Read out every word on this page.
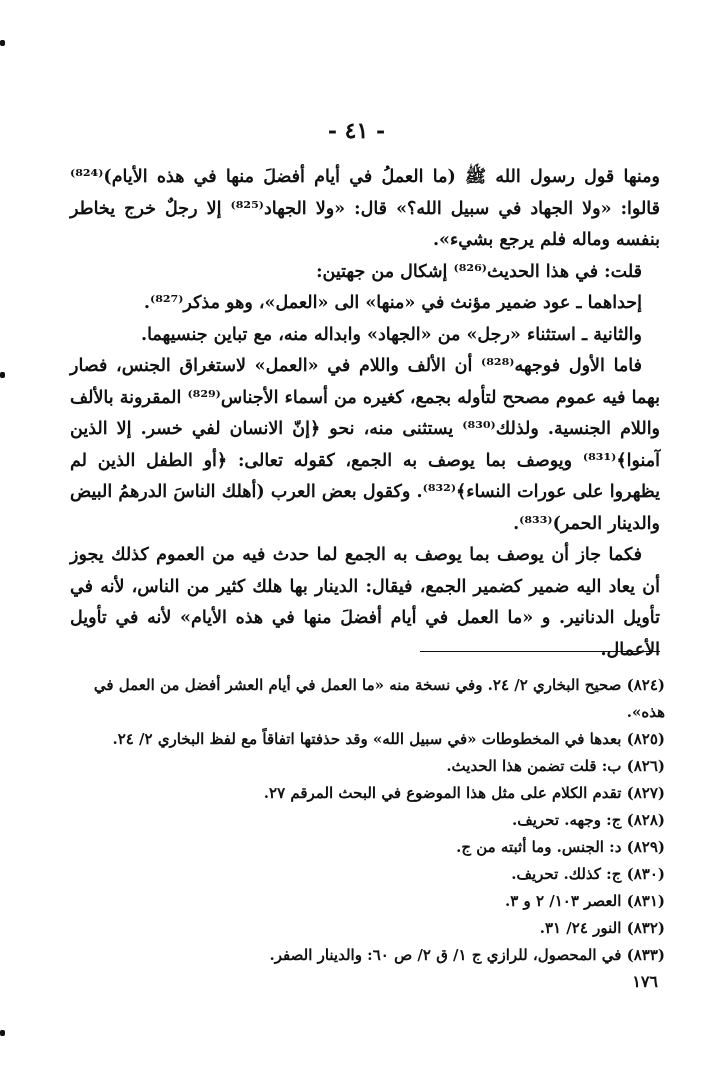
- ٤١ -

ومنها قول رسول الله ﷺ (ما العملُ في أيام أفضلَ منها في هذه الأيام)⁽⁸²⁴⁾ قالوا: «ولا الجهاد في سبيل الله؟» قال: «ولا الجهاد⁽⁸²⁵⁾ إلا رجلٌ خرج يخاطر بنفسه وماله فلم يرجع بشيء».

قلت: في هذا الحديث⁽⁸²⁶⁾ إشكال من جهتين:

إحداهما ـ عود ضمير مؤنث في «منها» الى «العمل»، وهو مذكر⁽⁸²⁷⁾.

والثانية ـ استثناء «رجل» من «الجهاد» وابداله منه، مع تباين جنسيهما.

فاما الأول فوجهه⁽⁸²⁸⁾ أن الألف واللام في «العمل» لاستغراق الجنس، فصار بهما فيه عموم مصحح لتأوله بجمع، كغيره من أسماء الأجناس⁽⁸²⁹⁾ المقرونة بالألف واللام الجنسية. ولذلك⁽⁸³⁰⁾ يستثنى منه، نحو ﴿إنّ الانسان لفي خسر. إلا الذين آمنوا﴾⁽⁸³¹⁾ ويوصف بما يوصف به الجمع، كقوله تعالى: ﴿أو الطفل الذين لم يظهروا على عورات النساء﴾⁽⁸³²⁾. وكقول بعض العرب (أهلك الناسَ الدرهمُ البيض والدينار الحمر)⁽⁸³³⁾.

فكما جاز أن يوصف بما يوصف به الجمع لما حدث فيه من العموم كذلك يجوز أن يعاد اليه ضمير كضمير الجمع، فيقال: الدينار بها هلك كثير من الناس، لأنه في تأويل الدنانير. و «ما العمل في أيام أفضلَ منها في هذه الأيام» لأنه في تأويل الأعمال.

(٨٢٤) صحيح البخاري ٢/ ٢٤. وفي نسخة منه «ما العمل في أيام العشر أفضل من العمل في هذه».

(٨٢٥) بعدها في المخطوطات «في سبيل الله» وقد حذفتها اتفاقاً مع لفظ البخاري ٢/ ٢٤.

(٨٢٦) ب: قلت تضمن هذا الحديث.

(٨٢٧) تقدم الكلام على مثل هذا الموضوع في البحث المرقم ٢٧.

(٨٢٨) ج: وجهه. تحريف.

(٨٢٩) د: الجنس. وما أثبته من ج.

(٨٣٠) ج: كذلك. تحريف.

(٨٣١) العصر ١٠٣/ ٢ و ٣.

(٨٣٢) النور ٢٤/ ٣١.

(٨٣٣) في المحصول، للرازي ج ١/ ق ٢/ ص ٦٠: والدينار الصفر.

١٧٦
